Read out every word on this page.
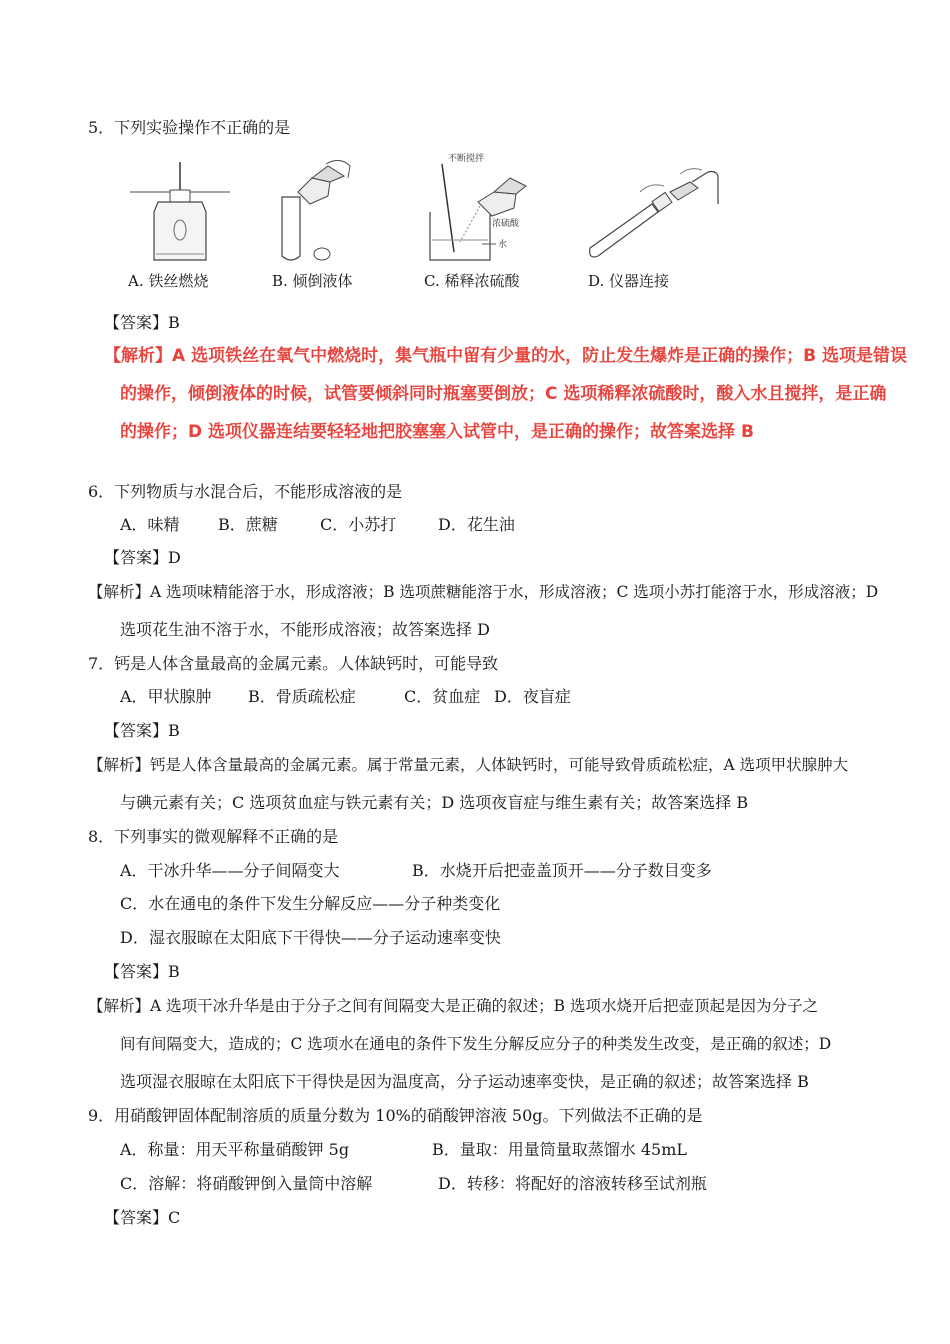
5．下列实验操作不正确的是
A. 铁丝燃烧	B. 倾倒液体
不断搅拌
浓硫酸
水
C. 稀释浓硫酸	D. 仪器连接
【答案】B
【解析】A 选项铁丝在氧气中燃烧时，集气瓶中留有少量的水，防止发生爆炸是正确的操作；B 选项是错误
的操作，倾倒液体的时候，试管要倾斜同时瓶塞要倒放；C 选项稀释浓硫酸时，酸入水且搅拌，是正确
的操作；D 选项仪器连结要轻轻地把胶塞塞入试管中，是正确的操作；故答案选择 B
6．下列物质与水混合后，不能形成溶液的是
A．味精 B．蔗糖	C．小苏打	D．花生油
【答案】D
【解析】A 选项味精能溶于水，形成溶液；B 选项蔗糖能溶于水，形成溶液；C 选项小苏打能溶于水，形成溶液；D
选项花生油不溶于水，不能形成溶液；故答案选择 D
7．钙是人体含量最高的金属元素。人体缺钙时，可能导致
A．甲状腺肿 B．骨质疏松症	C．贫血症 D．夜盲症
【答案】B
【解析】钙是人体含量最高的金属元素。属于常量元素，人体缺钙时，可能导致骨质疏松症，A 选项甲状腺肿大
与碘元素有关；C 选项贫血症与铁元素有关；D 选项夜盲症与维生素有关；故答案选择 B
8．下列事实的微观解释不正确的是
A．干冰升华——分子间隔变大	B．水烧开后把壶盖顶开——分子数目变多
C．水在通电的条件下发生分解反应——分子种类变化
D．湿衣服晾在太阳底下干得快——分子运动速率变快
【答案】B
【解析】A 选项干冰升华是由于分子之间有间隔变大是正确的叙述；B 选项水烧开后把壶顶起是因为分子之
间有间隔变大，造成的；C 选项水在通电的条件下发生分解反应分子的种类发生改变，是正确的叙述；D
选项湿衣服晾在太阳底下干得快是因为温度高，分子运动速率变快，是正确的叙述；故答案选择 B
9．用硝酸钾固体配制溶质的质量分数为 10%的硝酸钾溶液 50g。下列做法不正确的是
A．称量：用天平称量硝酸钾 5g	B．量取：用量筒量取蒸馏水 45mL
C．溶解：将硝酸钾倒入量筒中溶解	D．转移：将配好的溶液转移至试剂瓶
【答案】C
